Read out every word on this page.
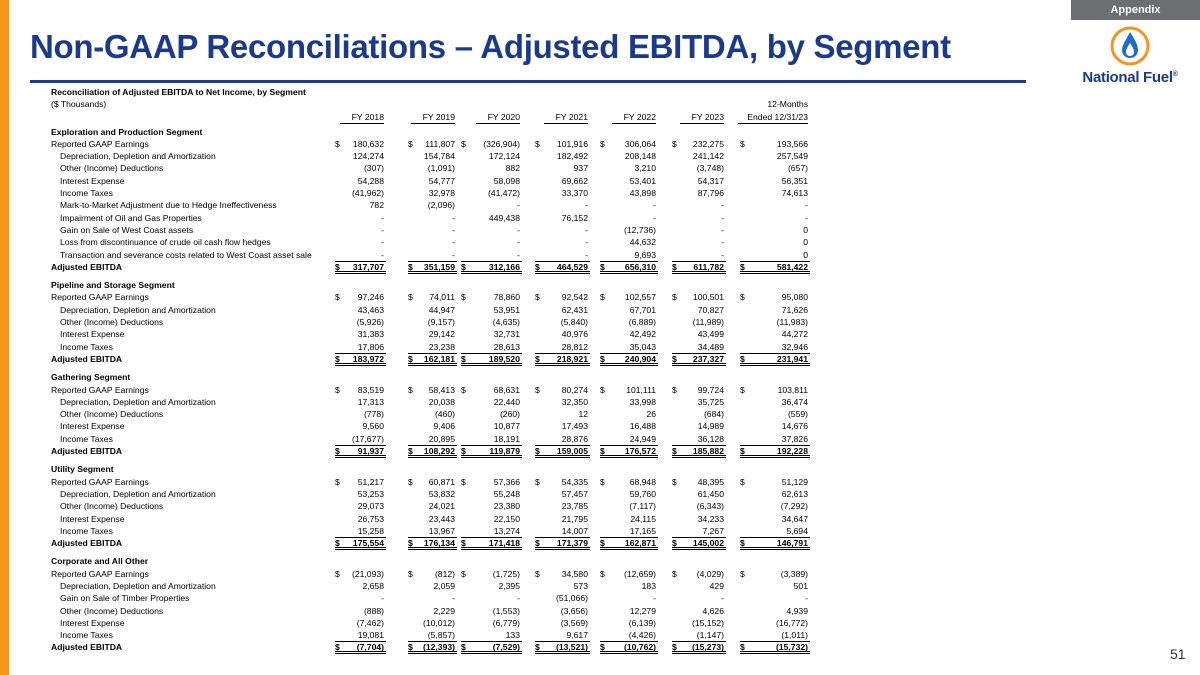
Appendix
Non-GAAP Reconciliations – Adjusted EBITDA, by Segment
National Fuel®
Reconciliation of Adjusted EBITDA to Net Income, by Segment
($ Thousands)	12-Months
FY 2018	FY 2019	FY 2020	FY 2021	FY 2022	FY 2023	Ended 12/31/23
Exploration and Production Segment
Reported GAAP Earnings	$	180,632	$	111,807 $	(326,904) $	101,916 $	306,064 $	232,275 $	193,566
Depreciation, Depletion and Amortization	124,274	154,784	172,124	182,492	208,148	241,142	257,549
Other (Income) Deductions	(307)	(1,091)	882	937	3,210	(3,748)	(657)
Interest Expense	54,288	54,777	58,098	69,662	53,401	54,317	56,351
Income Taxes	(41,962)	32,978	(41,472)	33,370	43,898	87,796	74,613
Mark-to-Market Adjustment due to Hedge Ineffectiveness	782	(2,096)	-	-	-	-	-
Impairment of Oil and Gas Properties	-	-	449,438	76,152	-	-	-
Gain on Sale of West Coast assets	-	-	-	-	(12,736)	-	0
Loss from discontinuance of crude oil cash flow hedges	-	-	-	-	44,632	-	0
Transaction and severance costs related to West Coast asset sale	-	-	-	-	9,693	-	0
Adjusted EBITDA	$	317,707	$	351,159 $	312,166 $	464,529 $	656,310 $	611,782 $	581,422
Pipeline and Storage Segment
Reported GAAP Earnings	$	97,246	$	74,011 $	78,860 $	92,542 $	102,557 $	100,501 $	95,080
Depreciation, Depletion and Amortization	43,463	44,947	53,951	62,431	67,701	70,827	71,626
Other (Income) Deductions	(5,926)	(9,157)	(4,635)	(5,840)	(6,889)	(11,989)	(11,983)
Interest Expense	31,383	29,142	32,731	40,976	42,492	43,499	44,272
Income Taxes	17,806	23,238	28,613	28,812	35,043	34,489	32,946
Adjusted EBITDA	$	183,972	$	162,181 $	189,520 $	218,921 $	240,904 $	237,327 $	231,941
Gathering Segment
Reported GAAP Earnings	$	83,519	$	58,413 $	68,631 $	80,274 $	101,111 $	99,724 $	103,811
Depreciation, Depletion and Amortization	17,313	20,038	22,440	32,350	33,998	35,725	36,474
Other (Income) Deductions	(778)	(460)	(260)	12	26	(684)	(559)
Interest Expense	9,560	9,406	10,877	17,493	16,488	14,989	14,676
Income Taxes	(17,677)	20,895	18,191	28,876	24,949	36,128	37,826
Adjusted EBITDA	$	91,937	$	108,292 $	119,879 $	159,005 $	176,572 $	185,882 $	192,228
Utility Segment
Reported GAAP Earnings	$	51,217	$	60,871 $	57,366 $	54,335 $	68,948 $	48,395 $	51,129
Depreciation, Depletion and Amortization	53,253	53,832	55,248	57,457	59,760	61,450	62,613
Other (Income) Deductions	29,073	24,021	23,380	23,785	(7,117)	(6,343)	(7,292)
Interest Expense	26,753	23,443	22,150	21,795	24,115	34,233	34,647
Income Taxes	15,258	13,967	13,274	14,007	17,165	7,267	5,694
Adjusted EBITDA	$	175,554	$	176,134 $	171,418 $	171,379 $	162,871 $	145,002 $	146,791
Corporate and All Other
Reported GAAP Earnings	$	(21,093)	$	(812) $	(1,725) $	34,580 $	(12,659) $	(4,029) $	(3,389)
Depreciation, Depletion and Amortization	2,658	2,059	2,395	573	183	429	501
Gain on Sale of Timber Properties	-	-	-	(51,066)	-	-	-
Other (Income) Deductions	(888)	2,229	(1,553)	(3,656)	12,279	4,626	4,939
Interest Expense	(7,462)	(10,012)	(6,779)	(3,569)	(6,139)	(15,152)	(16,772)
Income Taxes	19,081	(5,857)	133	9,617	(4,426)	(1,147)	(1,011)
Adjusted EBITDA	$	(7,704)	$	(12,393) $	(7,529) $	(13,521) $	(10,762) $	(15,273) $	(15,732)	51
